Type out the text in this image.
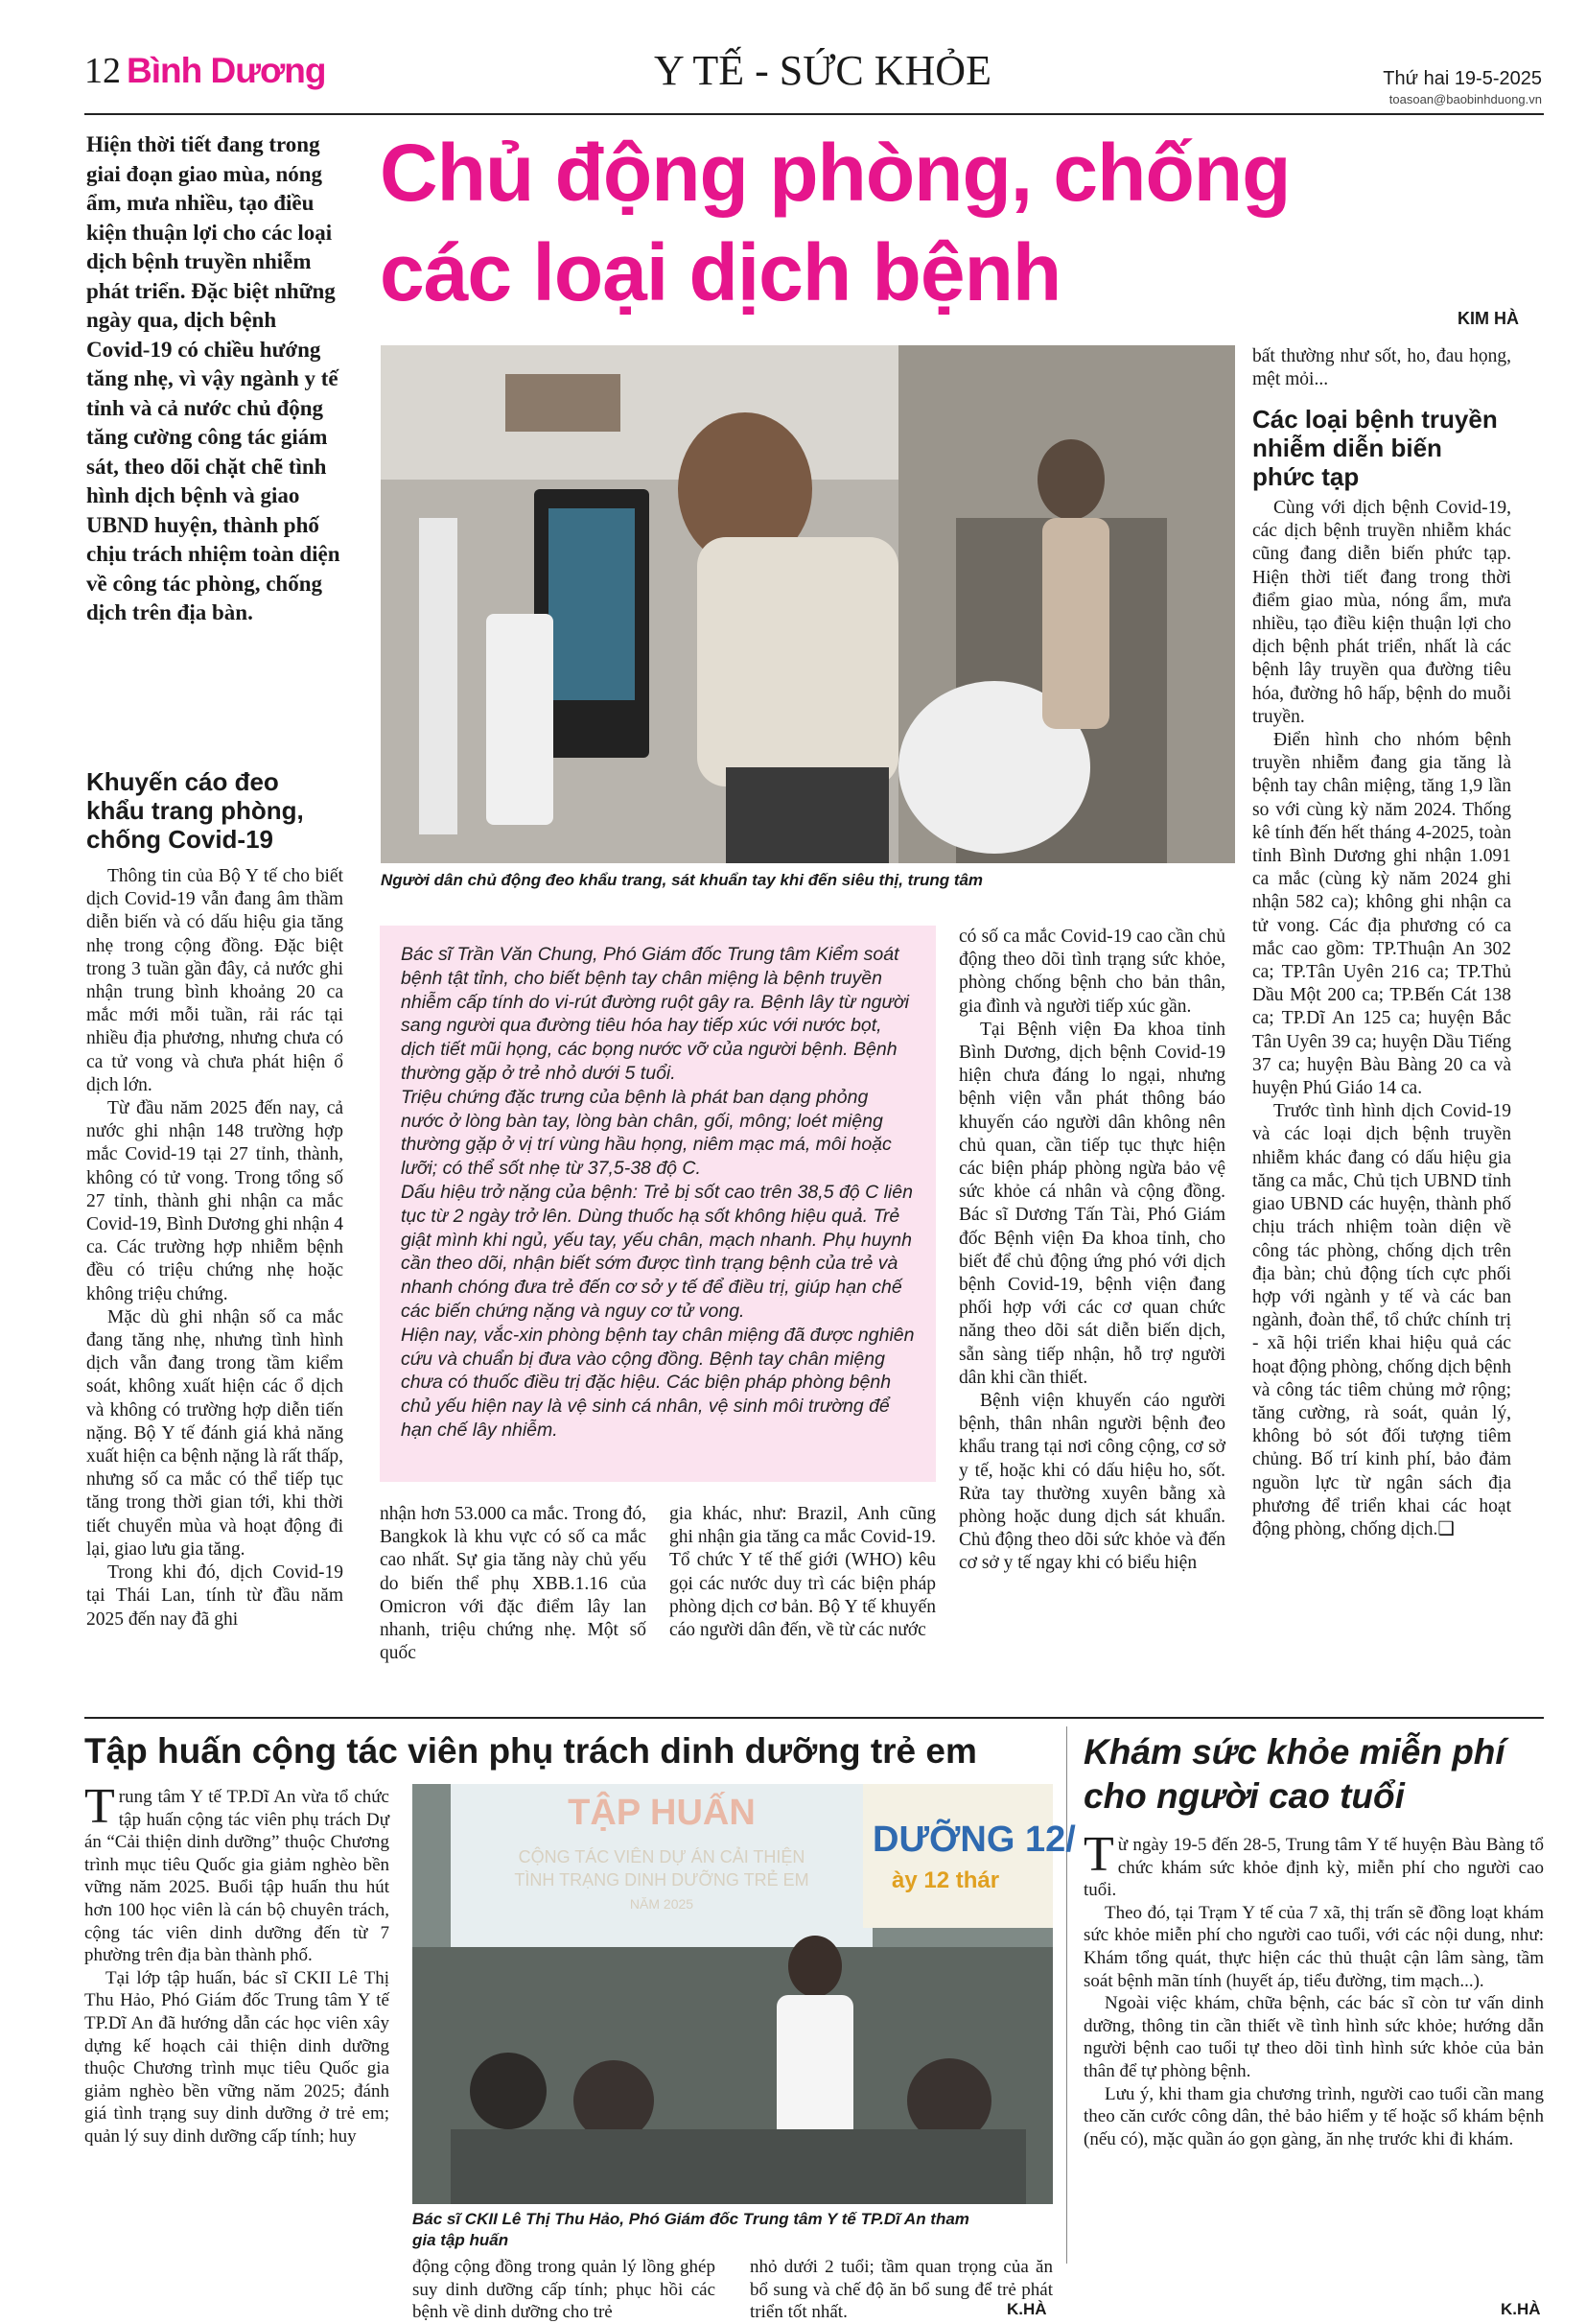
12 Bình Dương	Y TẾ - SỨC KHỎE	Thứ hai 19-5-2025
toasoan@baobinhduong.vn
Hiện thời tiết đang trong giai đoạn giao mùa, nóng ẩm, mưa nhiều, tạo điều kiện thuận lợi cho các loại dịch bệnh truyền nhiễm phát triển. Đặc biệt những ngày qua, dịch bệnh Covid-19 có chiều hướng tăng nhẹ, vì vậy ngành y tế tỉnh và cả nước chủ động tăng cường công tác giám sát, theo dõi chặt chẽ tình hình dịch bệnh và giao UBND huyện, thành phố chịu trách nhiệm toàn diện về công tác phòng, chống dịch trên địa bàn.
Chủ động phòng, chống
các loại dịch bệnh
KIM HÀ
Người dân chủ động đeo khẩu trang, sát khuẩn tay khi đến siêu thị, trung tâm
Khuyến cáo đeo khẩu trang phòng, chống Covid-19

Thông tin của Bộ Y tế cho biết dịch Covid-19 vẫn đang âm thầm diễn biến và có dấu hiệu gia tăng nhẹ trong cộng đồng. Đặc biệt trong 3 tuần gần đây, cả nước ghi nhận trung bình khoảng 20 ca mắc mới mỗi tuần, rải rác tại nhiều địa phương, nhưng chưa có ca tử vong và chưa phát hiện ổ dịch lớn.

Từ đầu năm 2025 đến nay, cả nước ghi nhận 148 trường hợp mắc Covid-19 tại 27 tỉnh, thành, không có tử vong. Trong tổng số 27 tỉnh, thành ghi nhận ca mắc Covid-19, Bình Dương ghi nhận 4 ca. Các trường hợp nhiễm bệnh đều có triệu chứng nhẹ hoặc không triệu chứng.

Mặc dù ghi nhận số ca mắc đang tăng nhẹ, nhưng tình hình dịch vẫn đang trong tầm kiểm soát, không xuất hiện các ổ dịch và không có trường hợp diễn tiến nặng. Bộ Y tế đánh giá khả năng xuất hiện ca bệnh nặng là rất thấp, nhưng số ca mắc có thể tiếp tục tăng trong thời gian tới, khi thời tiết chuyển mùa và hoạt động đi lại, giao lưu gia tăng.

Trong khi đó, dịch Covid-19 tại Thái Lan, tính từ đầu năm 2025 đến nay đã ghi

Bác sĩ Trần Văn Chung, Phó Giám đốc Trung tâm Kiểm soát bệnh tật tỉnh, cho biết bệnh tay chân miệng là bệnh truyền nhiễm cấp tính do vi-rút đường ruột gây ra. Bệnh lây từ người sang người qua đường tiêu hóa hay tiếp xúc với nước bọt, dịch tiết mũi họng, các bọng nước vỡ của người bệnh. Bệnh thường gặp ở trẻ nhỏ dưới 5 tuổi.
Triệu chứng đặc trưng của bệnh là phát ban dạng phỏng nước ở lòng bàn tay, lòng bàn chân, gối, mông; loét miệng thường gặp ở vị trí vùng hầu họng, niêm mạc má, môi hoặc lưỡi; có thể sốt nhẹ từ 37,5-38 độ C.
Dấu hiệu trở nặng của bệnh: Trẻ bị sốt cao trên 38,5 độ C liên tục từ 2 ngày trở lên. Dùng thuốc hạ sốt không hiệu quả. Trẻ giật mình khi ngủ, yếu tay, yếu chân, mạch nhanh. Phụ huynh cần theo dõi, nhận biết sớm được tình trạng bệnh của trẻ và nhanh chóng đưa trẻ đến cơ sở y tế để điều trị, giúp hạn chế các biến chứng nặng và nguy cơ tử vong.
Hiện nay, vắc-xin phòng bệnh tay chân miệng đã được nghiên cứu và chuẩn bị đưa vào cộng đồng. Bệnh tay chân miệng chưa có thuốc điều trị đặc hiệu. Các biện pháp phòng bệnh chủ yếu hiện nay là vệ sinh cá nhân, vệ sinh môi trường để hạn chế lây nhiễm.

nhận hơn 53.000 ca mắc. Trong đó, Bangkok là khu vực có số ca mắc cao nhất. Sự gia tăng này chủ yếu do biến thể phụ XBB.1.16 của Omicron với đặc điểm lây lan nhanh, triệu chứng nhẹ. Một số quốc

gia khác, như: Brazil, Anh cũng ghi nhận gia tăng ca mắc Covid-19. Tổ chức Y tế thế giới (WHO) kêu gọi các nước duy trì các biện pháp phòng dịch cơ bản. Bộ Y tế khuyến cáo người dân đến, về từ các nước

có số ca mắc Covid-19 cao cần chủ động theo dõi tình trạng sức khỏe, phòng chống bệnh cho bản thân, gia đình và người tiếp xúc gần.

Tại Bệnh viện Đa khoa tỉnh Bình Dương, dịch bệnh Covid-19 hiện chưa đáng lo ngại, nhưng bệnh viện vẫn phát thông báo khuyến cáo người dân không nên chủ quan, cần tiếp tục thực hiện các biện pháp phòng ngừa bảo vệ sức khỏe cá nhân và cộng đồng. Bác sĩ Dương Tấn Tài, Phó Giám đốc Bệnh viện Đa khoa tỉnh, cho biết để chủ động ứng phó với dịch bệnh Covid-19, bệnh viện đang phối hợp với các cơ quan chức năng theo dõi sát diễn biến dịch, sẵn sàng tiếp nhận, hỗ trợ người dân khi cần thiết.

Bệnh viện khuyến cáo người bệnh, thân nhân người bệnh đeo khẩu trang tại nơi công cộng, cơ sở y tế, hoặc khi có dấu hiệu ho, sốt. Rửa tay thường xuyên bằng xà phòng hoặc dung dịch sát khuẩn. Chủ động theo dõi sức khỏe và đến cơ sở y tế ngay khi có biểu hiện

bất thường như sốt, ho, đau họng, mệt mỏi...

Các loại bệnh truyền nhiễm diễn biến phức tạp

Cùng với dịch bệnh Covid-19, các dịch bệnh truyền nhiễm khác cũng đang diễn biến phức tạp. Hiện thời tiết đang trong thời điểm giao mùa, nóng ẩm, mưa nhiều, tạo điều kiện thuận lợi cho dịch bệnh phát triển, nhất là các bệnh lây truyền qua đường tiêu hóa, đường hô hấp, bệnh do muỗi truyền.

Điển hình cho nhóm bệnh truyền nhiễm đang gia tăng là bệnh tay chân miệng, tăng 1,9 lần so với cùng kỳ năm 2024. Thống kê tính đến hết tháng 4-2025, toàn tỉnh Bình Dương ghi nhận 1.091 ca mắc (cùng kỳ năm 2024 ghi nhận 582 ca); không ghi nhận ca tử vong. Các địa phương có ca mắc cao gồm: TP.Thuận An 302 ca; TP.Tân Uyên 216 ca; TP.Thủ Dầu Một 200 ca; TP.Bến Cát 138 ca; TP.Dĩ An 125 ca; huyện Bắc Tân Uyên 39 ca; huyện Dầu Tiếng 37 ca; huyện Bàu Bàng 20 ca và huyện Phú Giáo 14 ca.

Trước tình hình dịch Covid-19 và các loại dịch bệnh truyền nhiễm khác đang có dấu hiệu gia tăng ca mắc, Chủ tịch UBND tỉnh giao UBND các huyện, thành phố chịu trách nhiệm toàn diện về công tác phòng, chống dịch trên địa bàn; chủ động tích cực phối hợp với ngành y tế và các ban ngành, đoàn thể, tổ chức chính trị - xã hội triển khai hiệu quả các hoạt động phòng, chống dịch bệnh và công tác tiêm chủng mở rộng; tăng cường, rà soát, quản lý, không bỏ sót đối tượng tiêm chủng. Bố trí kinh phí, bảo đảm nguồn lực từ ngân sách địa phương để triển khai các hoạt động phòng, chống dịch.❑

Tập huấn cộng tác viên phụ trách dinh dưỡng trẻ em

Trung tâm Y tế TP.Dĩ An vừa tổ chức tập huấn cộng tác viên phụ trách Dự án “Cải thiện dinh dưỡng” thuộc Chương trình mục tiêu Quốc gia giảm nghèo bền vững năm 2025. Buổi tập huấn thu hút hơn 100 học viên là cán bộ chuyên trách, cộng tác viên dinh dưỡng đến từ 7 phường trên địa bàn thành phố.

Tại lớp tập huấn, bác sĩ CKII Lê Thị Thu Hảo, Phó Giám đốc Trung tâm Y tế TP.Dĩ An đã hướng dẫn các học viên xây dựng kế hoạch cải thiện dinh dưỡng thuộc Chương trình mục tiêu Quốc gia giảm nghèo bền vững năm 2025; đánh giá tình trạng suy dinh dưỡng ở trẻ em; quản lý suy dinh dưỡng cấp tính; huy

TẬP HUẤN
CỘNG TÁC VIÊN DỰ ÁN CẢI THIỆN
TÌNH TRẠNG DINH DƯỠNG TRẺ EM
NĂM 2025
DƯỠNG 12/
ày 12 thár
Bác sĩ CKII Lê Thị Thu Hảo, Phó Giám đốc Trung tâm Y tế TP.Dĩ An tham gia tập huấn

động cộng đồng trong quản lý lồng ghép suy dinh dưỡng cấp tính; phục hồi các bệnh về dinh dưỡng cho trẻ

nhỏ dưới 2 tuổi; tầm quan trọng của ăn bổ sung và chế độ ăn bổ sung để trẻ phát triển tốt nhất.	K.HÀ
Khám sức khỏe miễn phí
cho người cao tuổi

Từ ngày 19-5 đến 28-5, Trung tâm Y tế huyện Bàu Bàng tổ chức khám sức khỏe định kỳ, miễn phí cho người cao tuổi.

Theo đó, tại Trạm Y tế của 7 xã, thị trấn sẽ đồng loạt khám sức khỏe miễn phí cho người cao tuổi, với các nội dung, như: Khám tổng quát, thực hiện các thủ thuật cận lâm sàng, tầm soát bệnh mãn tính (huyết áp, tiểu đường, tim mạch...).

Ngoài việc khám, chữa bệnh, các bác sĩ còn tư vấn dinh dưỡng, thông tin cần thiết về tình hình sức khỏe; hướng dẫn người bệnh cao tuổi tự theo dõi tình hình sức khỏe của bản thân để tự phòng bệnh.

Lưu ý, khi tham gia chương trình, người cao tuổi cần mang theo căn cước công dân, thẻ bảo hiểm y tế hoặc sổ khám bệnh (nếu có), mặc quần áo gọn gàng, ăn nhẹ trước khi đi khám.

K.HÀ
